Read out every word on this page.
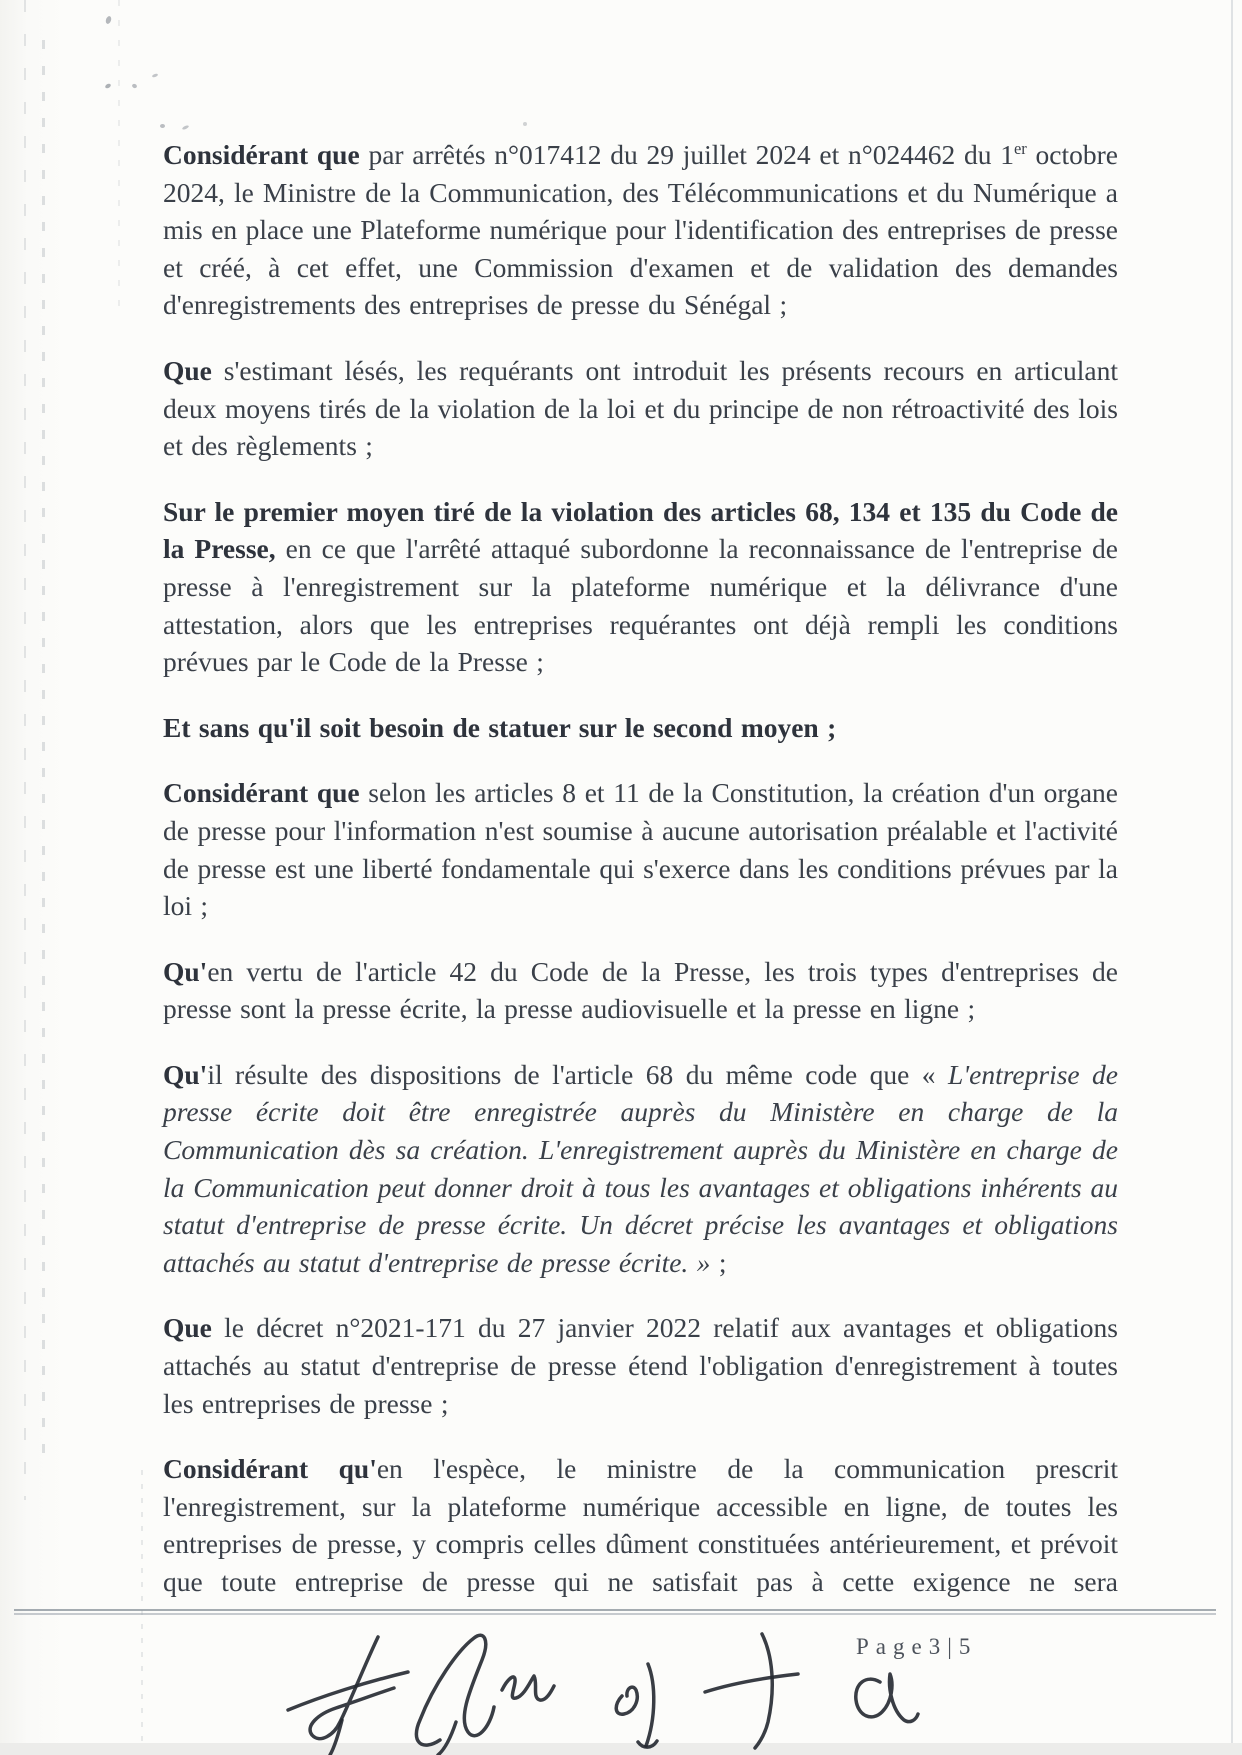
Considérant que par arrêtés n°017412 du 29 juillet 2024 et n°024462 du 1er octobre 2024, le Ministre de la Communication, des Télécommunications et du Numérique a mis en place une Plateforme numérique pour l'identification des entreprises de presse et créé, à cet effet, une Commission d'examen et de validation des demandes d'enregistrements des entreprises de presse du Sénégal ;

Que s'estimant lésés, les requérants ont introduit les présents recours en articulant deux moyens tirés de la violation de la loi et du principe de non rétroactivité des lois et des règlements ;

Sur le premier moyen tiré de la violation des articles 68, 134 et 135 du Code de la Presse, en ce que l'arrêté attaqué subordonne la reconnaissance de l'entreprise de presse à l'enregistrement sur la plateforme numérique et la délivrance d'une attestation, alors que les entreprises requérantes ont déjà rempli les conditions prévues par le Code de la Presse ;

Et sans qu'il soit besoin de statuer sur le second moyen ;

Considérant que selon les articles 8 et 11 de la Constitution, la création d'un organe de presse pour l'information n'est soumise à aucune autorisation préalable et l'activité de presse est une liberté fondamentale qui s'exerce dans les conditions prévues par la loi ;

Qu'en vertu de l'article 42 du Code de la Presse, les trois types d'entreprises de presse sont la presse écrite, la presse audiovisuelle et la presse en ligne ;

Qu'il résulte des dispositions de l'article 68 du même code que « L'entreprise de presse écrite doit être enregistrée auprès du Ministère en charge de la Communication dès sa création. L'enregistrement auprès du Ministère en charge de la Communication peut donner droit à tous les avantages et obligations inhérents au statut d'entreprise de presse écrite. Un décret précise les avantages et obligations attachés au statut d'entreprise de presse écrite. » ;

Que le décret n°2021-171 du 27 janvier 2022 relatif aux avantages et obligations attachés au statut d'entreprise de presse étend l'obligation d'enregistrement à toutes les entreprises de presse ;

Considérant qu'en l'espèce, le ministre de la communication prescrit l'enregistrement, sur la plateforme numérique accessible en ligne, de toutes les entreprises de presse, y compris celles dûment constituées antérieurement, et prévoit que toute entreprise de presse qui ne satisfait pas à cette exigence ne sera

Page3|5
